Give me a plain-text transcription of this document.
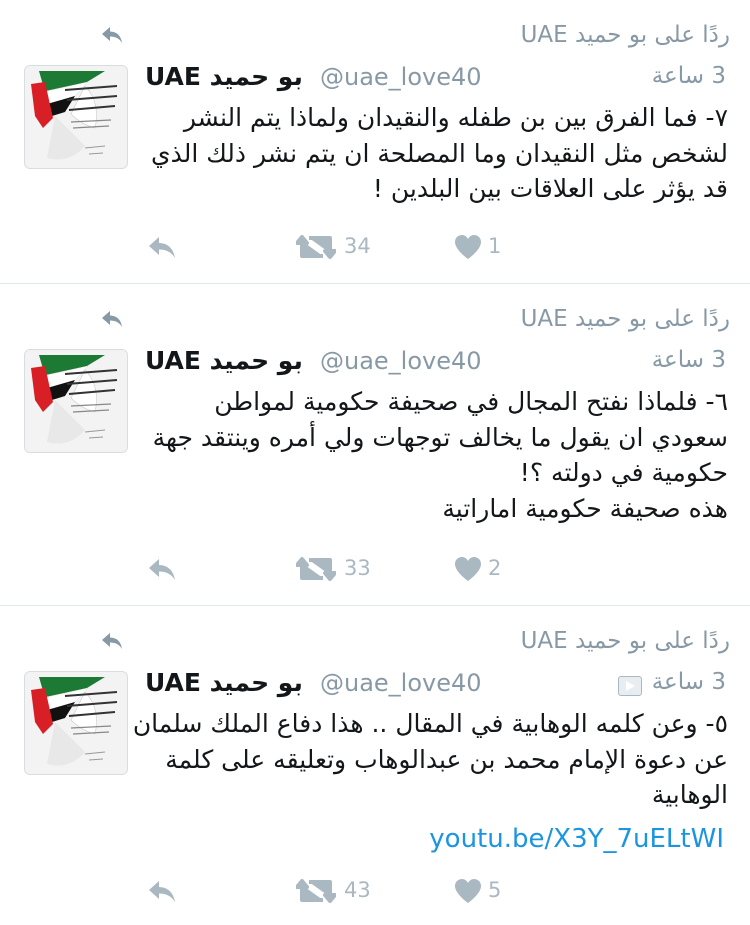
ردًا على بو حميد UAE
بو حميد UAE @uae_love40	3 ساعة

٧- فما الفرق بين بن طفله والنقيدان ولماذا يتم النشر

لشخص مثل النقيدان وما المصلحة ان يتم نشر ذلك الذي

قد يؤثر على العلاقات بين البلدين !

34	1
ردًا على بو حميد UAE
بو حميد UAE @uae_love40	3 ساعة

٦- فلماذا نفتح المجال في صحيفة حكومية لمواطن

سعودي ان يقول ما يخالف توجهات ولي أمره وينتقد جهة

حكومية في دولته ؟!

هذه صحيفة حكومية اماراتية

33	2
ردًا على بو حميد UAE
بو حميد UAE @uae_love40	3 ساعة

٥- وعن كلمه الوهابية في المقال .. هذا دفاع الملك سلمان

عن دعوة الإمام محمد بن عبدالوهاب وتعليقه على كلمة

الوهابية

youtu.be/X3Y_7uELtWI
43	5
